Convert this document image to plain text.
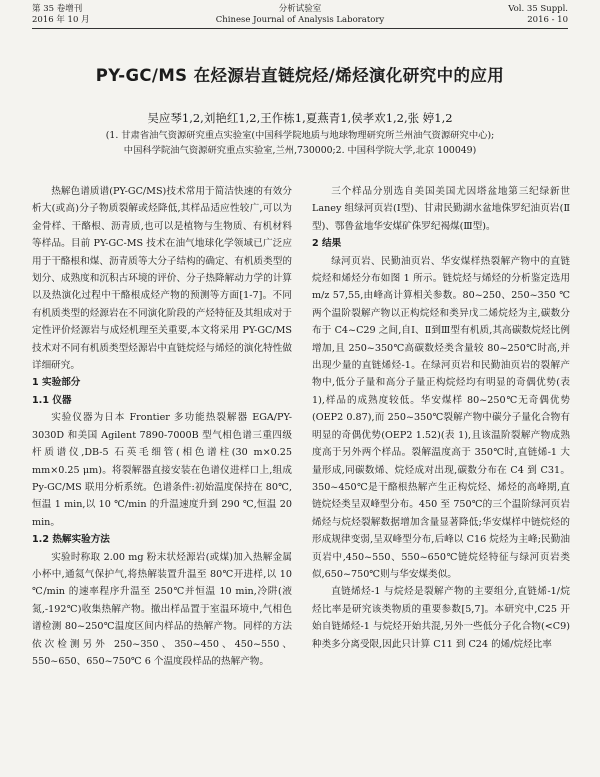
第 35 卷增刊
2016 年 10 月
分析试验室
Chinese Journal of Analysis Laboratory
Vol. 35 Suppl.
2016 - 10
PY-GC/MS 在烃源岩直链烷烃/烯烃演化研究中的应用
吴应琴1,2,刘艳红1,2,王作栋1,夏燕青1,侯孝欢1,2,张 婷1,2
(1. 甘肃省油气资源研究重点实验室(中国科学院地质与地球物理研究所兰州油气资源研究中心);
中国科学院油气资源研究重点实验室,兰州,730000;2. 中国科学院大学,北京 100049)

热解色谱质谱(PY-GC/MS)技术常用于简洁快速的有效分析大(或高)分子物质裂解或烃降低,其样品适应性较广,可以为金骨样、干酪根、沥青质,也可以是植物与生物质、有机材料等样品。目前 PY-GC-MS 技术在油气地球化学领域已广泛应用于干酪根和煤、沥青质等大分子结构的确定、有机质类型的划分、成熟度和沉积古环境的评价、分子热降解动力学的计算以及热演化过程中干酪根成烃产物的预测等方面[1-7]。不同有机质类型的烃源岩在不同演化阶段的产烃特征及其组成对于定性评价烃源岩与成烃机理至关重要,本文将采用 PY-GC/MS 技术对不同有机质类型烃源岩中直链烷烃与烯烃的演化特性做详细研究。

1 实验部分

1.1 仪器

实验仪器为日本 Frontier 多功能热裂解器 EGA/PY-3030D 和美国 Agilent 7890-7000B 型气相色谱三重四级杆质谱仪,DB-5 石英毛细管(相色谱柱(30 m×0.25 mm×0.25 μm)。将裂解器直接安装在色谱仪进样口上,组成 Py-GC/MS 联用分析系统。色谱条件:初始温度保持在 80℃,恒温 1 min,以 10 ℃/min 的升温速度升到 290 ℃,恒温 20 min。

1.2 热解实验方法

实验时称取 2.00 mg 粉末状烃源岩(或煤)加入热解金属小杯中,通氦气保护气,将热解装置升温至 80℃开进样,以 10 ℃/min 的速率程序升温至 250℃并恒温 10 min,冷阱(液氮,-192℃)收集热解产物。撤出样品置于室温环境中,气相色谱检测 80~250℃温度区间内样品的热解产物。同样的方法依次检测另外 250~350、350~450、450~550、550~650、650~750℃ 6 个温度段样品的热解产物。

三个样品分别选自美国美国尤因塔盆地第三纪绿新世 Laney 组绿河页岩(Ⅰ型)、甘肃民勤湖水盆地侏罗纪油页岩(Ⅱ型)、鄂鲁盆地华安煤矿侏罗纪褐煤(Ⅲ型)。

2 结果

绿河页岩、民勤油页岩、华安煤样热裂解产物中的直链烷烃和烯烃分布如图 1 所示。链烷烃与烯烃的分析鉴定选用 m/z 57,55,由峰高计算相关参数。80~250、250~350 ℃两个温阶裂解产物以正构烷烃和类异戊二烯烷烃为主,碳数分布于 C4~C29 之间,自Ⅰ、Ⅱ到Ⅲ型有机质,其高碳数烷烃比例增加,且 250~350℃高碳数烃类含量较 80~250℃时高,并出现少量的直链烯烃-1。在绿河页岩和民勤油页岩的裂解产物中,低分子量和高分子量正构烷烃均有明显的奇偶优势(表 1),样品的成熟度较低。华安煤样 80~250℃无奇偶优势(OEP2 0.87),而 250~350℃裂解产物中碳分子量化合物有明显的奇偶优势(OEP2 1.52)(表 1),且该温阶裂解产物成熟度高于另外两个样品。裂解温度高于 350℃时,直链烯-1 大量形成,同碳数烯、烷烃成对出现,碳数分布在 C4 到 C31。350~450℃是干酪根热解产生正构烷烃、烯烃的高峰期,直链烷烃类呈双峰型分布。450 至 750℃的三个温阶绿河页岩烯烃与烷烃裂解数据增加含量显著降低;华安煤样中链烷烃的形成规律变弱,呈双峰型分布,后峰以 C16 烷烃为主峰;民勤油页岩中,450~550、550~650℃链烷烃特征与绿河页岩类似,650~750℃则与华安煤类似。

直链烯烃-1 与烷烃是裂解产物的主要组分,直链烯-1/烷烃比率是研究该类物质的重要参数[5,7]。本研究中,C25 开始自链烯烃-1 与烷烃开始共混,另外一些低分子化合物(<C9)种类多分离受限,因此只计算 C11 到 C24 的烯/烷烃比率
